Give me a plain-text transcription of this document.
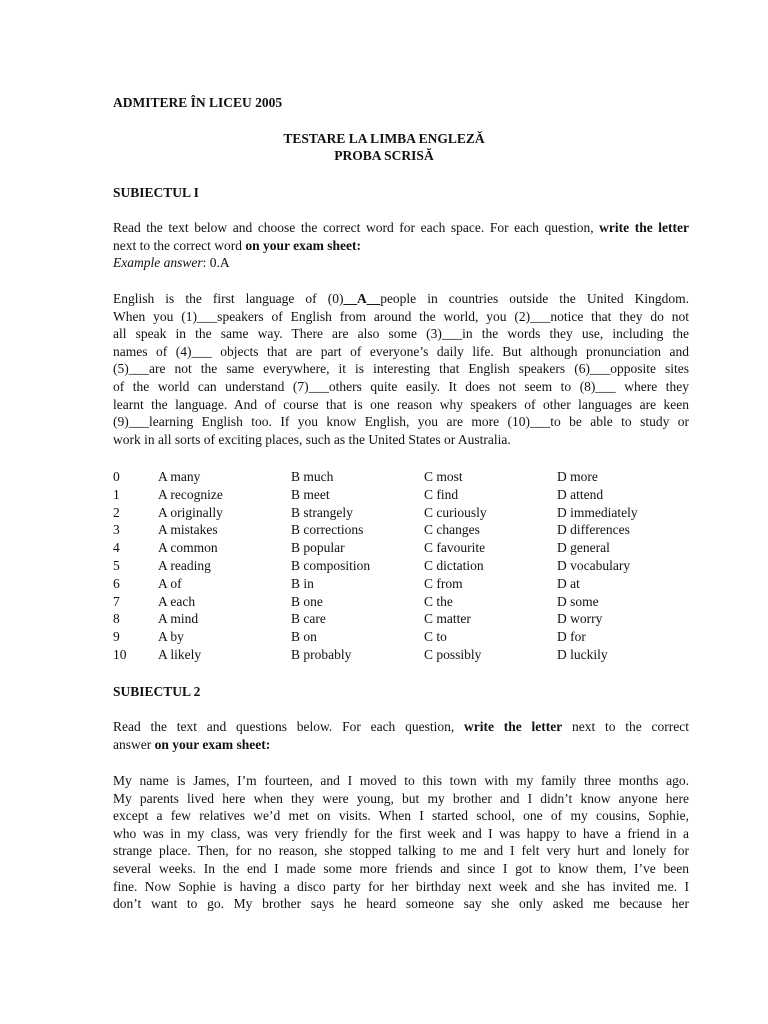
ADMITERE ÎN LICEU 2005
TESTARE LA LIMBA ENGLEZĂ
PROBA SCRISĂ
SUBIECTUL I
Read the text below and choose the correct word for each space. For each question, write the letter
next to the correct word on your exam sheet:
Example answer: 0.A
English is the first language of (0)__A__people in countries outside the United Kingdom.
When you (1)___speakers of English from around the world, you (2)___notice that they do not
all speak in the same way. There are also some (3)___in the words they use, including the
names of (4)___ objects that are part of everyone’s daily life. But although pronunciation and
(5)___are not the same everywhere, it is interesting that English speakers (6)___opposite sites
of the world can understand (7)___others quite easily. It does not seem to (8)___ where they
learnt the language. And of course that is one reason why speakers of other languages are keen
(9)___learning English too. If you know English, you are more (10)___to be able to study or
work in all sorts of exciting places, such as the United States or Australia.
0	A many	B much	C most	D more
1	A recognize	B meet	C find	D attend
2	A originally	B strangely	C curiously	D immediately
3	A mistakes	B corrections	C changes	D differences
4	A common	B popular	C favourite	D general
5	A reading	B composition	C dictation	D vocabulary
6	A of	B in	C from	D at
7	A each	B one	C the	D some
8	A mind	B care	C matter	D worry
9	A by	B on	C to	D for
10 A likely	B probably	C possibly	D luckily
SUBIECTUL 2
Read the text and questions below. For each question, write the letter next to the correct
answer on your exam sheet:
My name is James, I’m fourteen, and I moved to this town with my family three months ago.
My parents lived here when they were young, but my brother and I didn’t know anyone here
except a few relatives we’d met on visits. When I started school, one of my cousins, Sophie,
who was in my class, was very friendly for the first week and I was happy to have a friend in a
strange place. Then, for no reason, she stopped talking to me and I felt very hurt and lonely for
several weeks. In the end I made some more friends and since I got to know them, I’ve been
fine. Now Sophie is having a disco party for her birthday next week and she has invited me. I
don’t want to go. My brother says he heard someone say she only asked me because her
